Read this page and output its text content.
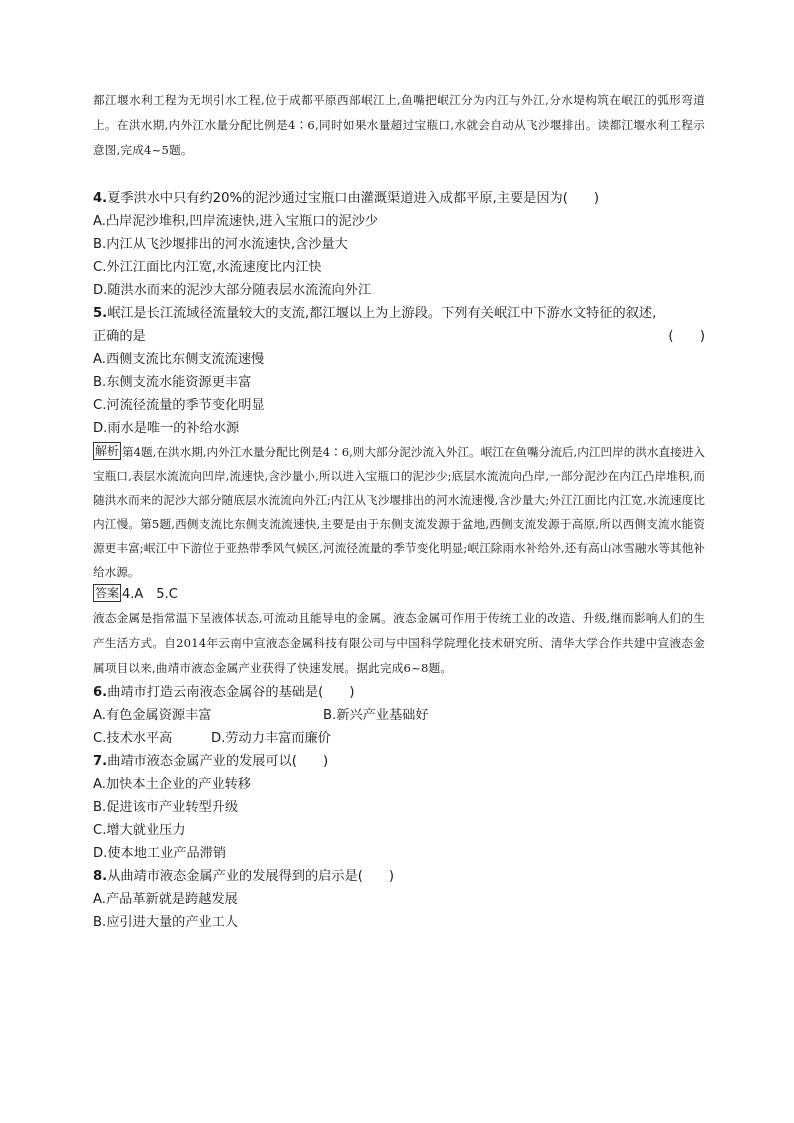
都江堰水利工程为无坝引水工程,位于成都平原西部岷江上,鱼嘴把岷江分为内江与外江,分水堤构筑在岷江的弧形弯道上。在洪水期,内外江水量分配比例是4∶6,同时如果水量超过宝瓶口,水就会自动从飞沙堰排出。读都江堰水利工程示意图,完成4~5题。

4.夏季洪水中只有约20%的泥沙通过宝瓶口由灌溉渠道进入成都平原,主要是因为( )

A.凸岸泥沙堆积,凹岸流速快,进入宝瓶口的泥沙少

B.内江从飞沙堰排出的河水流速快,含沙量大

C.外江江面比内江宽,水流速度比内江快

D.随洪水而来的泥沙大部分随表层水流流向外江

5.岷江是长江流域径流量较大的支流,都江堰以上为上游段。下列有关岷江中下游水文特征的叙述,

正确的是	(　　)

A.西侧支流比东侧支流流速慢

B.东侧支流水能资源更丰富

C.河流径流量的季节变化明显

D.雨水是唯一的补给水源

解析 第4题,在洪水期,内外江水量分配比例是4∶6,则大部分泥沙流入外江。岷江在鱼嘴分流后,内江凹岸的洪水直接进入宝瓶口,表层水流流向凹岸,流速快,含沙量小,所以进入宝瓶口的泥沙少;底层水流流向凸岸,一部分泥沙在内江凸岸堆积,而随洪水而来的泥沙大部分随底层水流流向外江;内江从飞沙堰排出的河水流速慢,含沙量大;外江江面比内江宽,水流速度比内江慢。第5题,西侧支流比东侧支流流速快,主要是由于东侧支流发源于盆地,西侧支流发源于高原,所以西侧支流水能资源更丰富;岷江中下游位于亚热带季风气候区,河流径流量的季节变化明显;岷江除雨水补给外,还有高山冰雪融水等其他补给水源。

答案 4.A　5.C

液态金属是指常温下呈液体状态,可流动且能导电的金属。液态金属可作用于传统工业的改造、升级,继而影响人们的生产生活方式。自2014年云南中宣液态金属科技有限公司与中国科学院理化技术研究所、清华大学合作共建中宣液态金属项目以来,曲靖市液态金属产业获得了快速发展。据此完成6~8题。

6.曲靖市打造云南液态金属谷的基础是( )

A.有色金属资源丰富	B.新兴产业基础好
C.技术水平高	D.劳动力丰富而廉价

7.曲靖市液态金属产业的发展可以( )

A.加快本土企业的产业转移

B.促进该市产业转型升级

C.增大就业压力

D.使本地工业产品滞销

8.从曲靖市液态金属产业的发展得到的启示是( )

A.产品革新就是跨越发展

B.应引进大量的产业工人
